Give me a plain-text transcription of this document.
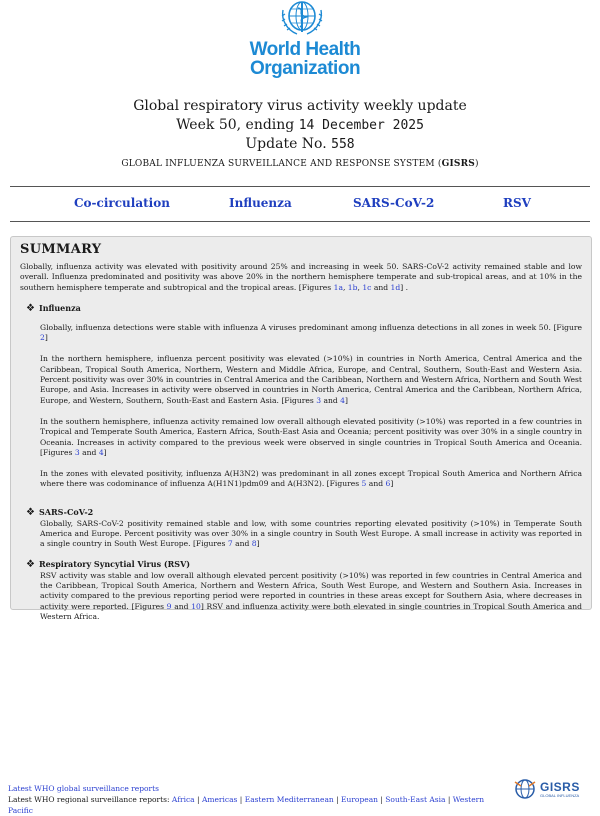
World Health
Organization
Global respiratory virus activity weekly update
Week 50, ending 14 December 2025
Update No. 558
GLOBAL INFLUENZA SURVEILLANCE AND RESPONSE SYSTEM (GISRS)
Co-circulation	Influenza	SARS-CoV-2	RSV
SUMMARY

Globally, influenza activity was elevated with positivity around 25% and increasing in week 50. SARS-CoV-2 activity remained stable and low overall. Influenza predominated and positivity was above 20% in the northern hemisphere temperate and sub-tropical areas, and at 10% in the southern hemisphere temperate and subtropical and the tropical areas. [Figures 1a, 1b, 1c and 1d] .

❖ Influenza

Globally, influenza detections were stable with influenza A viruses predominant among influenza detections in all zones in week 50. [Figure 2]

In the northern hemisphere, influenza percent positivity was elevated (>10%) in countries in North America, Central America and the Caribbean, Tropical South America, Northern, Western and Middle Africa, Europe, and Central, Southern, South-East and Western Asia. Percent positivity was over 30% in countries in Central America and the Caribbean, Northern and Western Africa, Northern and South West Europe, and Asia. Increases in activity were observed in countries in North America, Central America and the Caribbean, Northern Africa, Europe, and Western, Southern, South-East and Eastern Asia. [Figures 3 and 4]

In the southern hemisphere, influenza activity remained low overall although elevated positivity (>10%) was reported in a few countries in Tropical and Temperate South America, Eastern Africa, South-East Asia and Oceania; percent positivity was over 30% in a single country in Oceania. Increases in activity compared to the previous week were observed in single countries in Tropical South America and Oceania. [Figures 3 and 4]

In the zones with elevated positivity, influenza A(H3N2) was predominant in all zones except Tropical South America and Northern Africa where there was codominance of influenza A(H1N1)pdm09 and A(H3N2). [Figures 5 and 6]

❖ SARS-CoV-2

Globally, SARS-CoV-2 positivity remained stable and low, with some countries reporting elevated positivity (>10%) in Temperate South America and Europe. Percent positivity was over 30% in a single country in South West Europe. A small increase in activity was reported in a single country in South West Europe. [Figures 7 and 8]

❖ Respiratory Syncytial Virus (RSV)

RSV activity was stable and low overall although elevated percent positivity (>10%) was reported in few countries in Central America and the Caribbean, Tropical South America, Northern and Western Africa, South West Europe, and Western and Southern Asia. Increases in activity compared to the previous reporting period were reported in countries in these areas except for Southern Asia, where decreases in activity were reported. [Figures 9 and 10] RSV and influenza activity were both elevated in single countries in Tropical South America and Western Africa.

Latest WHO global surveillance reports
Latest WHO regional surveillance reports: Africa | Americas | Eastern Mediterranean | European | South-East Asia | Western Pacific
GISRS
GLOBAL INFLUENZA
